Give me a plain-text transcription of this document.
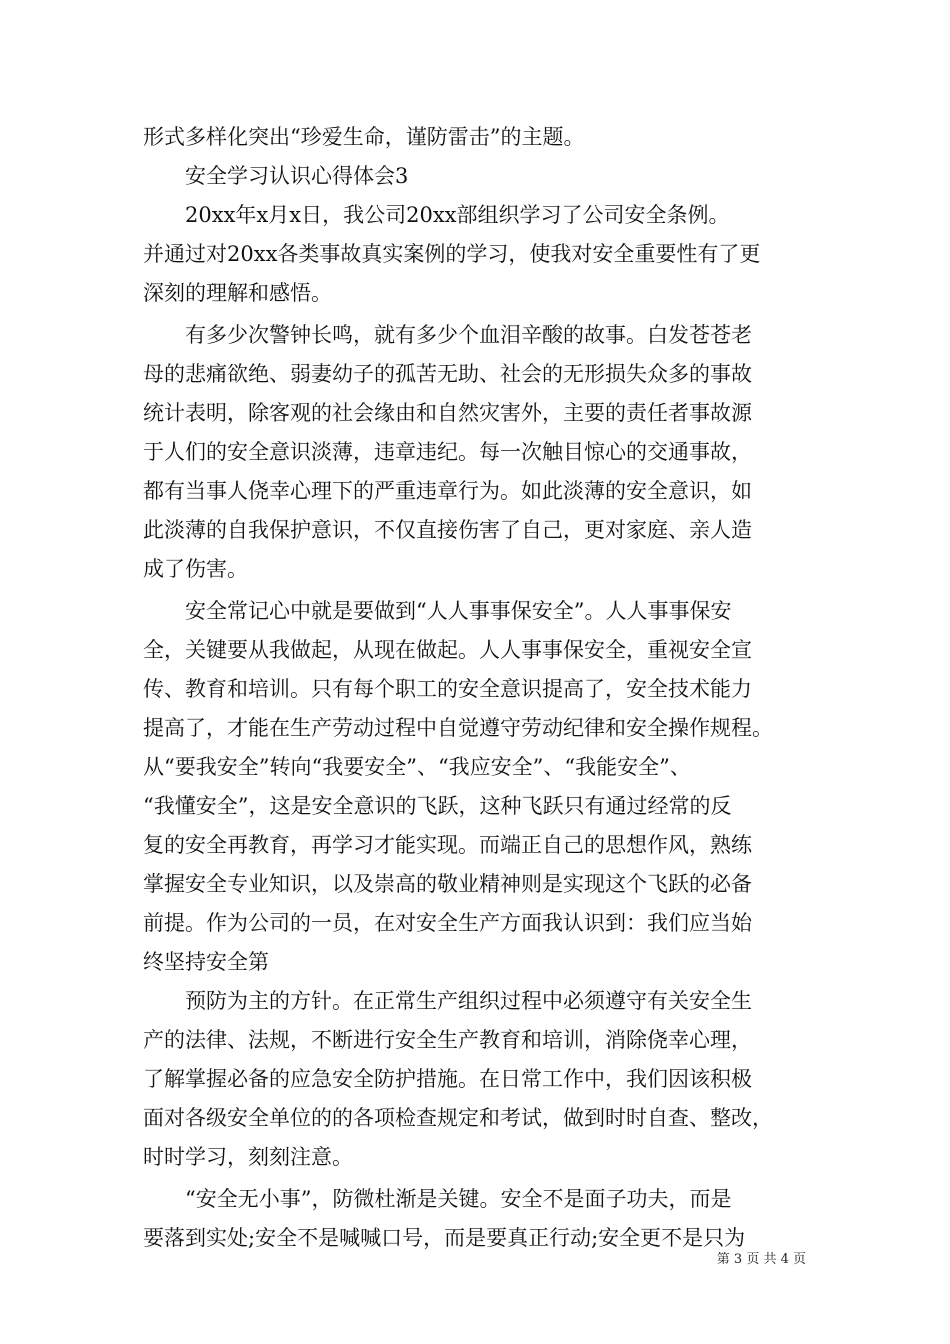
形式多样化突出“珍爱生命，谨防雷击”的主题。
安全学习认识心得体会3
20xx年x月x日，我公司20xx部组织学习了公司安全条例。
并通过对20xx各类事故真实案例的学习，使我对安全重要性有了更
深刻的理解和感悟。
有多少次警钟长鸣，就有多少个血泪辛酸的故事。白发苍苍老
母的悲痛欲绝、弱妻幼子的孤苦无助、社会的无形损失众多的事故
统计表明，除客观的社会缘由和自然灾害外，主要的责任者事故源
于人们的安全意识淡薄，违章违纪。每一次触目惊心的交通事故，
都有当事人侥幸心理下的严重违章行为。如此淡薄的安全意识，如
此淡薄的自我保护意识，不仅直接伤害了自己，更对家庭、亲人造
成了伤害。
安全常记心中就是要做到“人人事事保安全”。人人事事保安
全，关键要从我做起，从现在做起。人人事事保安全，重视安全宣
传、教育和培训。只有每个职工的安全意识提高了，安全技术能力
提高了，才能在生产劳动过程中自觉遵守劳动纪律和安全操作规程。
从“要我安全”转向“我要安全”、“我应安全”、“我能安全”、
“我懂安全”，这是安全意识的飞跃，这种飞跃只有通过经常的反
复的安全再教育，再学习才能实现。而端正自己的思想作风，熟练
掌握安全专业知识，以及崇高的敬业精神则是实现这个飞跃的必备
前提。作为公司的一员，在对安全生产方面我认识到：我们应当始
终坚持安全第
预防为主的方针。在正常生产组织过程中必须遵守有关安全生
产的法律、法规，不断进行安全生产教育和培训，消除侥幸心理，
了解掌握必备的应急安全防护措施。在日常工作中，我们因该积极
面对各级安全单位的的各项检查规定和考试，做到时时自查、整改，
时时学习，刻刻注意。
“安全无小事”，防微杜渐是关键。安全不是面子功夫，而是
要落到实处;安全不是喊喊口号，而是要真正行动;安全更不是只为
第 3 页 共 4 页
